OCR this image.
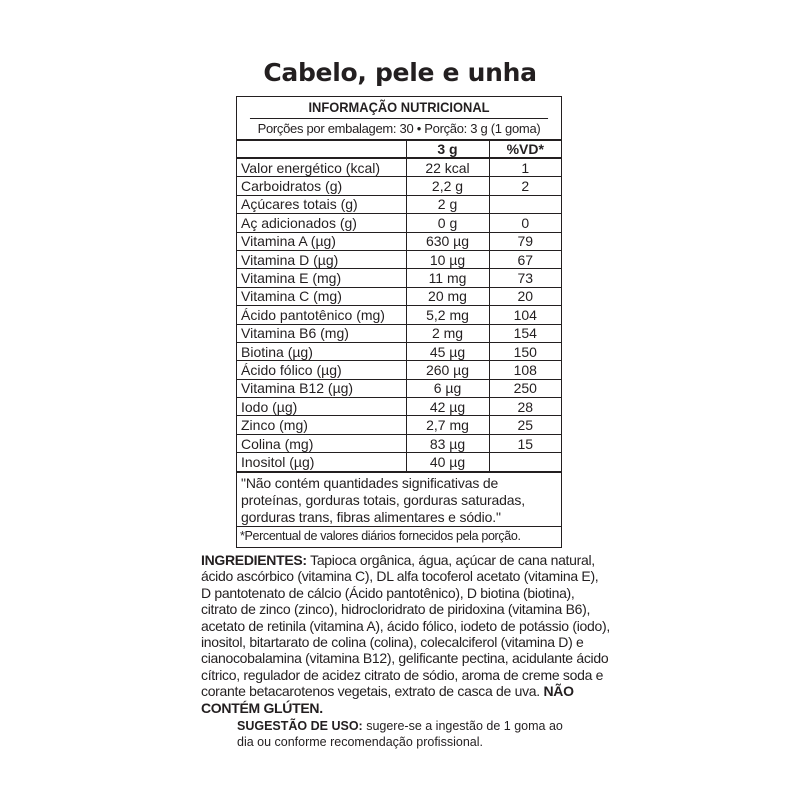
Cabelo, pele e unha
INFORMAÇÃO NUTRICIONAL
Porções por embalagem: 30 • Porção: 3 g (1 goma)
	3 g	%VD*
Valor energético (kcal)	22 kcal	1
Carboidratos (g)	2,2 g	2
Açúcares totais (g)	2 g	
Aç adicionados (g)	0 g	0
Vitamina A (µg)	630 µg	79
Vitamina D (µg)	10 µg	67
Vitamina E (mg)	11 mg	73
Vitamina C (mg)	20 mg	20
Ácido pantotênico (mg)	5,2 mg	104
Vitamina B6 (mg)	2 mg	154
Biotina (µg)	45 µg	150
Ácido fólico (µg)	260 µg	108
Vitamina B12 (µg)	6 µg	250
Iodo (µg)	42 µg	28
Zinco (mg)	2,7 mg	25
Colina (mg)	83 µg	15
Inositol (µg)	40 µg	
"Não contém quantidades significativas de proteínas, gorduras totais, gorduras saturadas, gorduras trans, fibras alimentares e sódio."
*Percentual de valores diários fornecidos pela porção.
INGREDIENTES: Tapioca orgânica, água, açúcar de cana natural, ácido ascórbico (vitamina C), DL alfa tocoferol acetato (vitamina E), D pantotenato de cálcio (Ácido pantotênico), D biotina (biotina), citrato de zinco (zinco), hidrocloridrato de piridoxina (vitamina B6), acetato de retinila (vitamina A), ácido fólico, iodeto de potássio (iodo), inositol, bitartarato de colina (colina), colecalciferol (vitamina D) e cianocobalamina (vitamina B12), gelificante pectina, acidulante ácido cítrico, regulador de acidez citrato de sódio, aroma de creme soda e corante betacarotenos vegetais, extrato de casca de uva. NÃO CONTÉM GLÚTEN.
SUGESTÃO DE USO: sugere-se a ingestão de 1 goma ao dia ou conforme recomendação profissional.
